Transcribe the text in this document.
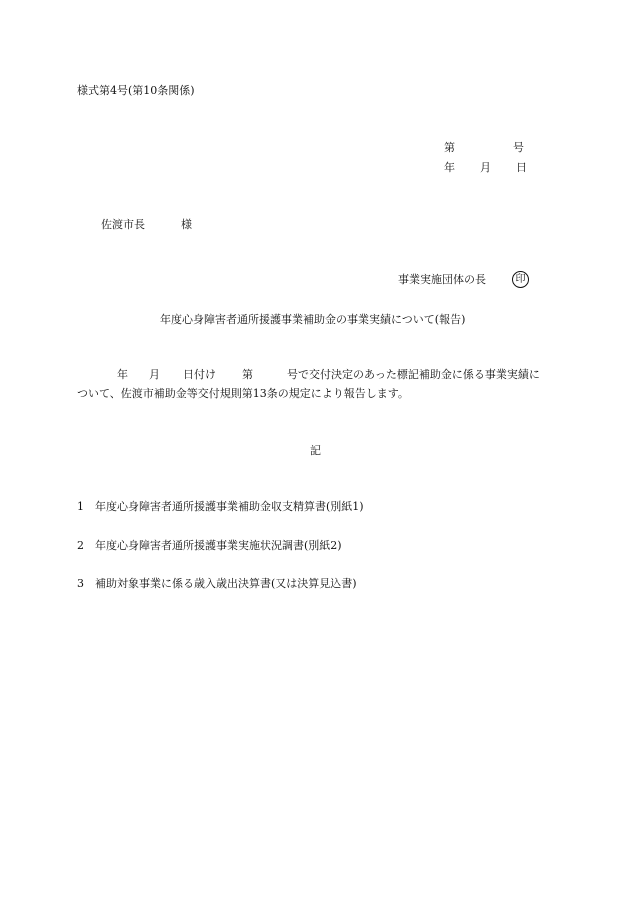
様式第4号(第10条関係)
第	号
年 月 日
佐渡市長	様
事業実施団体の長	印
年度心身障害者通所援護事業補助金の事業実績について(報告)
年 月 日付け 第	号で交付決定のあった標記補助金に係る事業実績に
ついて、佐渡市補助金等交付規則第13条の規定により報告します。
記
1 年度心身障害者通所援護事業補助金収支精算書(別紙1)
2 年度心身障害者通所援護事業実施状況調書(別紙2)
3 補助対象事業に係る歳入歳出決算書(又は決算見込書)
